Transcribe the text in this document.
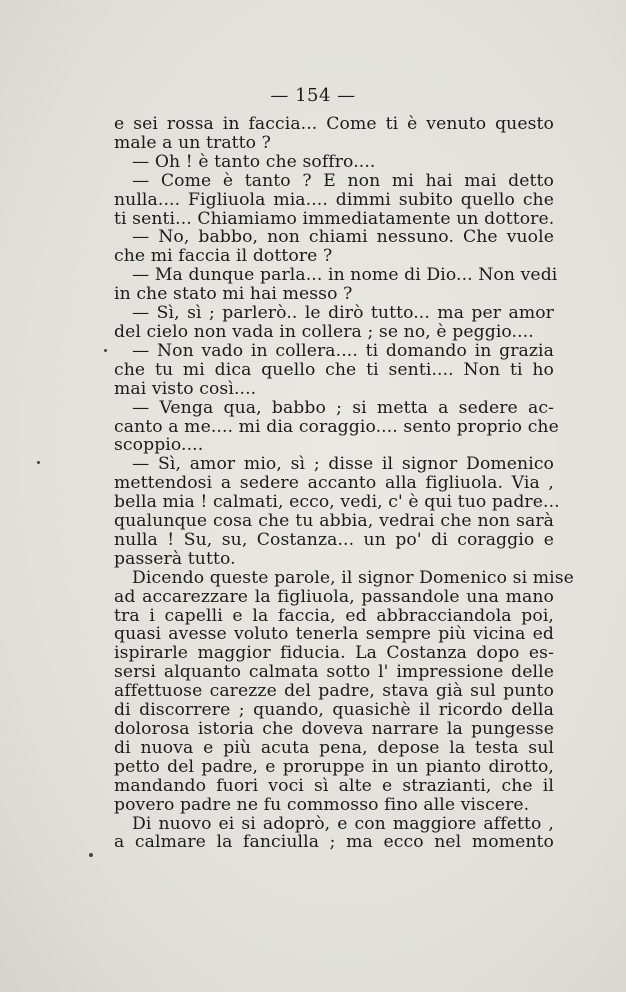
— 154 —
e sei rossa in faccia... Come ti è venuto questo
male a un tratto ?
— Oh ! è tanto che soffro....
— Come è tanto ? E non mi hai mai detto
nulla.... Figliuola mia.... dimmi subito quello che
ti senti... Chiamiamo immediatamente un dottore.
— No, babbo, non chiami nessuno. Che vuole
che mi faccia il dottore ?
— Ma dunque parla... in nome di Dio... Non vedi
in che stato mi hai messo ?
— Sì, sì ; parlerò.. le dirò tutto... ma per amor
del cielo non vada in collera ; se no, è peggio....
— Non vado in collera.... ti domando in grazia
che tu mi dica quello che ti senti.... Non ti ho
mai visto così....
— Venga qua, babbo ; si metta a sedere ac-
canto a me.... mi dia coraggio.... sento proprio che
scoppio....
— Sì, amor mio, sì ; disse il signor Domenico
mettendosi a sedere accanto alla figliuola. Via ,
bella mia ! calmati, ecco, vedi, c' è qui tuo padre...
qualunque cosa che tu abbia, vedrai che non sarà
nulla ! Su, su, Costanza... un po' di coraggio e
passerà tutto.
Dicendo queste parole, il signor Domenico si mise
ad accarezzare la figliuola, passandole una mano
tra i capelli e la faccia, ed abbracciandola poi,
quasi avesse voluto tenerla sempre più vicina ed
ispirarle maggior fiducia. La Costanza dopo es-
sersi alquanto calmata sotto l' impressione delle
affettuose carezze del padre, stava già sul punto
di discorrere ; quando, quasichè il ricordo della
dolorosa istoria che doveva narrare la pungesse
di nuova e più acuta pena, depose la testa sul
petto del padre, e proruppe in un pianto dirotto,
mandando fuori voci sì alte e strazianti, che il
povero padre ne fu commosso fino alle viscere.
Di nuovo ei si adoprò, e con maggiore affetto ,
a calmare la fanciulla ; ma ecco nel momento
